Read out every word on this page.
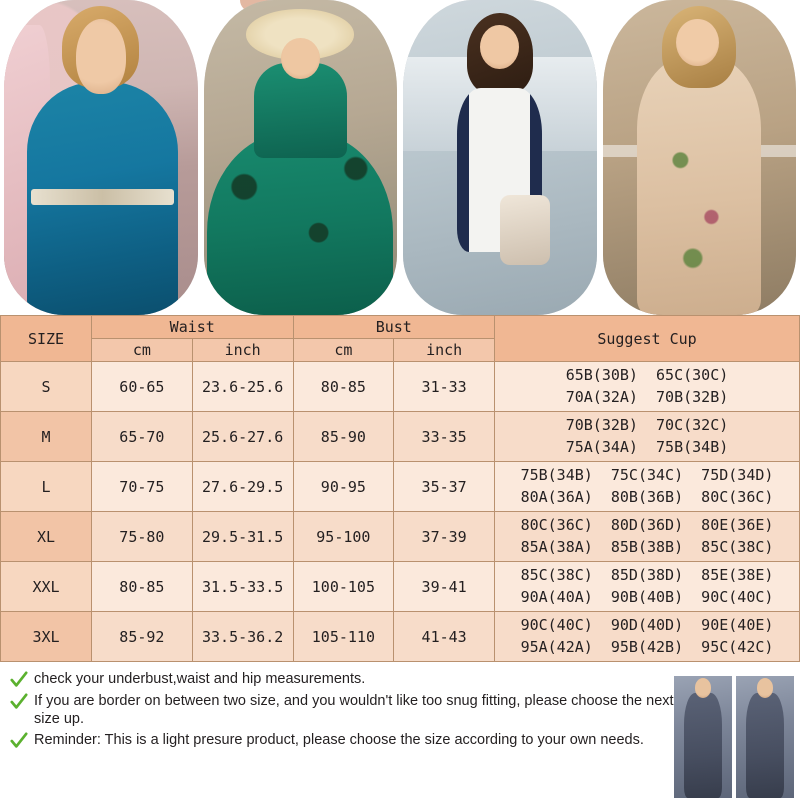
SIZE	Waist		Bust		Suggest Cup
	cm	inch	cm	inch	
S	60-65	23.6-25.6	80-85	31-33	65B(30B)  65C(30C)
70A(32A)  70B(32B)

M	65-70	25.6-27.6	85-90	33-35	70B(32B)  70C(32C)
75A(34A)  75B(34B)

L	70-75	27.6-29.5	90-95	35-37	75B(34B)  75C(34C)  75D(34D)
80A(36A)  80B(36B)  80C(36C)

XL	75-80	29.5-31.5	95-100	37-39	80C(36C)  80D(36D)  80E(36E)
85A(38A)  85B(38B)  85C(38C)

XXL	80-85	31.5-33.5	100-105	39-41	85C(38C)  85D(38D)  85E(38E)
90A(40A)  90B(40B)  90C(40C)

3XL	85-92	33.5-36.2	105-110	41-43	90C(40C)  90D(40D)  90E(40E)
95A(42A)  95B(42B)  95C(42C)
check your underbust,waist and hip measurements.
If you are border on between two size, and you wouldn't like too snug fitting, please choose the next size up.
Reminder: This is a light presure product, please choose the size according to your own needs.
